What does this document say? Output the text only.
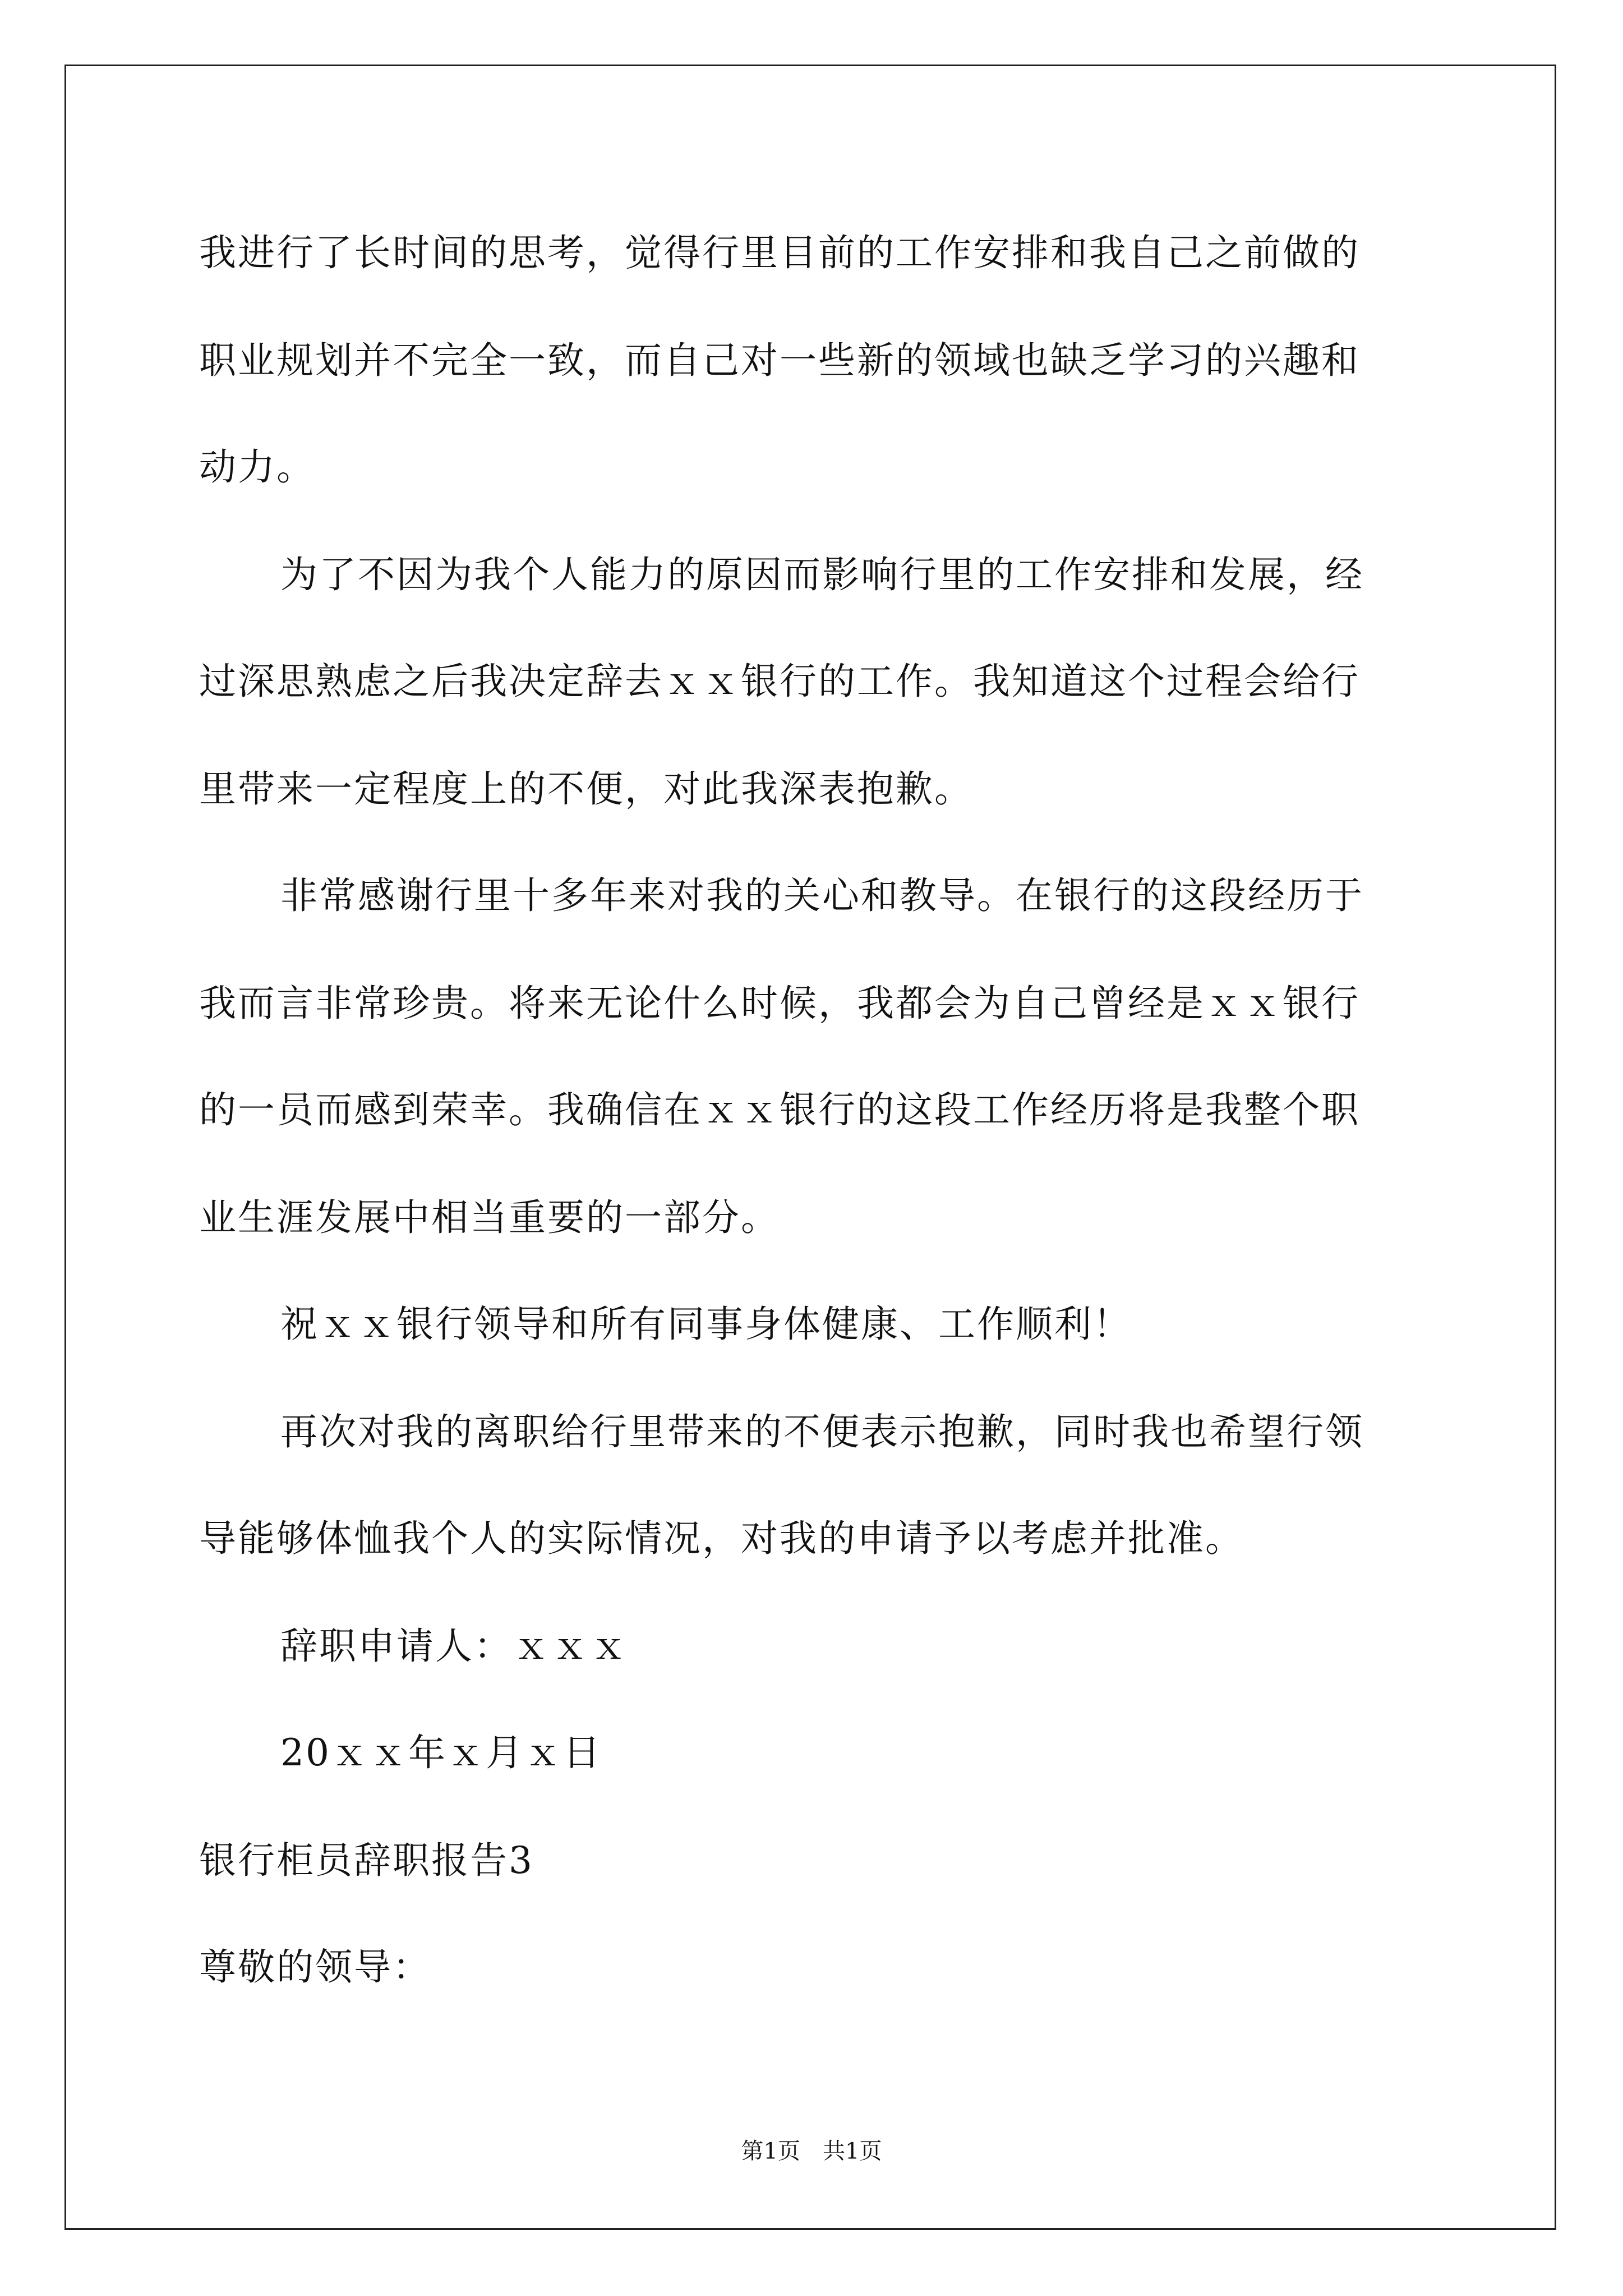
我进行了长时间的思考，觉得行里目前的工作安排和我自己之前做的
职业规划并不完全一致，而自己对一些新的领域也缺乏学习的兴趣和
动力。
为了不因为我个人能力的原因而影响行里的工作安排和发展，经
过深思熟虑之后我决定辞去ｘｘ银行的工作。我知道这个过程会给行
里带来一定程度上的不便，对此我深表抱歉。
非常感谢行里十多年来对我的关心和教导。在银行的这段经历于
我而言非常珍贵。将来无论什么时候，我都会为自己曾经是ｘｘ银行
的一员而感到荣幸。我确信在ｘｘ银行的这段工作经历将是我整个职
业生涯发展中相当重要的一部分。
祝ｘｘ银行领导和所有同事身体健康、工作顺利！
再次对我的离职给行里带来的不便表示抱歉，同时我也希望行领
导能够体恤我个人的实际情况，对我的申请予以考虑并批准。
辞职申请人：ｘｘｘ
20ｘｘ年ｘ月ｘ日
银行柜员辞职报告3
尊敬的领导：
第1页　共1页
